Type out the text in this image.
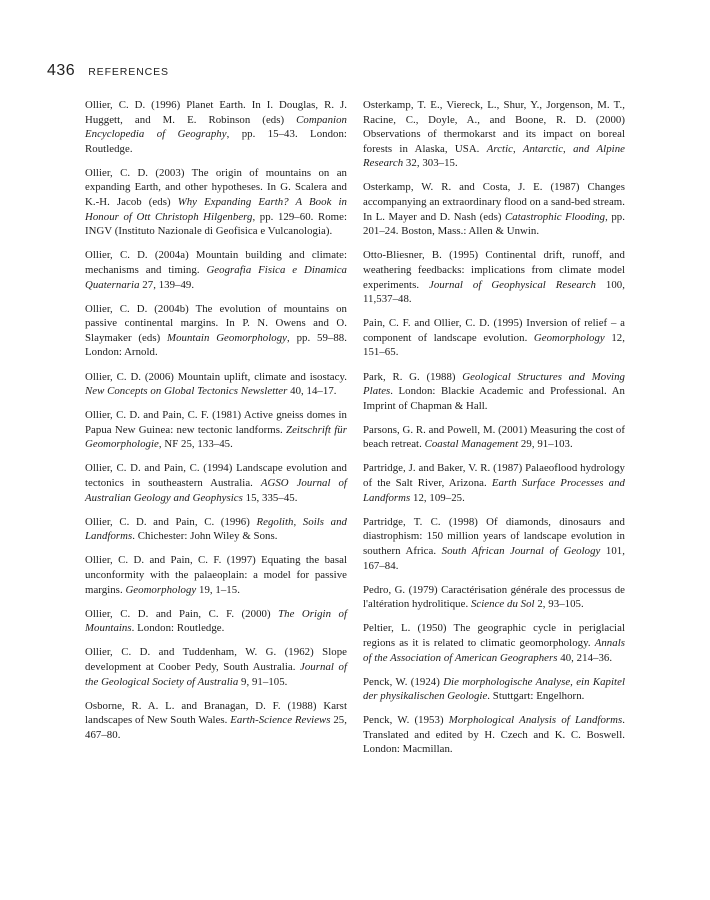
436 REFERENCES

Ollier, C. D. (1996) Planet Earth. In I. Douglas, R. J. Huggett, and M. E. Robinson (eds) Companion Encyclopedia of Geography, pp. 15–43. London: Routledge.

Ollier, C. D. (2003) The origin of mountains on an expanding Earth, and other hypotheses. In G. Scalera and K.-H. Jacob (eds) Why Expanding Earth? A Book in Honour of Ott Christoph Hilgenberg, pp. 129–60. Rome: INGV (Instituto Nazionale di Geofisica e Vulcanologia).

Ollier, C. D. (2004a) Mountain building and climate: mechanisms and timing. Geografia Fisica e Dinamica Quaternaria 27, 139–49.

Ollier, C. D. (2004b) The evolution of mountains on passive continental margins. In P. N. Owens and O. Slaymaker (eds) Mountain Geomorphology, pp. 59–88. London: Arnold.

Ollier, C. D. (2006) Mountain uplift, climate and isostacy. New Concepts on Global Tectonics Newsletter 40, 14–17.

Ollier, C. D. and Pain, C. F. (1981) Active gneiss domes in Papua New Guinea: new tectonic landforms. Zeitschrift für Geomorphologie, NF 25, 133–45.

Ollier, C. D. and Pain, C. (1994) Landscape evolution and tectonics in southeastern Australia. AGSO Journal of Australian Geology and Geophysics 15, 335–45.

Ollier, C. D. and Pain, C. (1996) Regolith, Soils and Landforms. Chichester: John Wiley & Sons.

Ollier, C. D. and Pain, C. F. (1997) Equating the basal unconformity with the palaeoplain: a model for passive margins. Geomorphology 19, 1–15.

Ollier, C. D. and Pain, C. F. (2000) The Origin of Mountains. London: Routledge.

Ollier, C. D. and Tuddenham, W. G. (1962) Slope development at Coober Pedy, South Australia. Journal of the Geological Society of Australia 9, 91–105.

Osborne, R. A. L. and Branagan, D. F. (1988) Karst landscapes of New South Wales. Earth-Science Reviews 25, 467–80.

Osterkamp, T. E., Viereck, L., Shur, Y., Jorgenson, M. T., Racine, C., Doyle, A., and Boone, R. D. (2000) Observations of thermokarst and its impact on boreal forests in Alaska, USA. Arctic, Antarctic, and Alpine Research 32, 303–15.

Osterkamp, W. R. and Costa, J. E. (1987) Changes accompanying an extraordinary flood on a sand-bed stream. In L. Mayer and D. Nash (eds) Catastrophic Flooding, pp. 201–24. Boston, Mass.: Allen & Unwin.

Otto-Bliesner, B. (1995) Continental drift, runoff, and weathering feedbacks: implications from climate model experiments. Journal of Geophysical Research 100, 11,537–48.

Pain, C. F. and Ollier, C. D. (1995) Inversion of relief – a component of landscape evolution. Geomorphology 12, 151–65.

Park, R. G. (1988) Geological Structures and Moving Plates. London: Blackie Academic and Professional. An Imprint of Chapman & Hall.

Parsons, G. R. and Powell, M. (2001) Measuring the cost of beach retreat. Coastal Management 29, 91–103.

Partridge, J. and Baker, V. R. (1987) Palaeoflood hydrology of the Salt River, Arizona. Earth Surface Processes and Landforms 12, 109–25.

Partridge, T. C. (1998) Of diamonds, dinosaurs and diastrophism: 150 million years of landscape evolution in southern Africa. South African Journal of Geology 101, 167–84.

Pedro, G. (1979) Caractérisation générale des processus de l'altération hydrolitique. Science du Sol 2, 93–105.

Peltier, L. (1950) The geographic cycle in periglacial regions as it is related to climatic geomorphology. Annals of the Association of American Geographers 40, 214–36.

Penck, W. (1924) Die morphologische Analyse, ein Kapitel der physikalischen Geologie. Stuttgart: Engelhorn.

Penck, W. (1953) Morphological Analysis of Landforms. Translated and edited by H. Czech and K. C. Boswell. London: Macmillan.
